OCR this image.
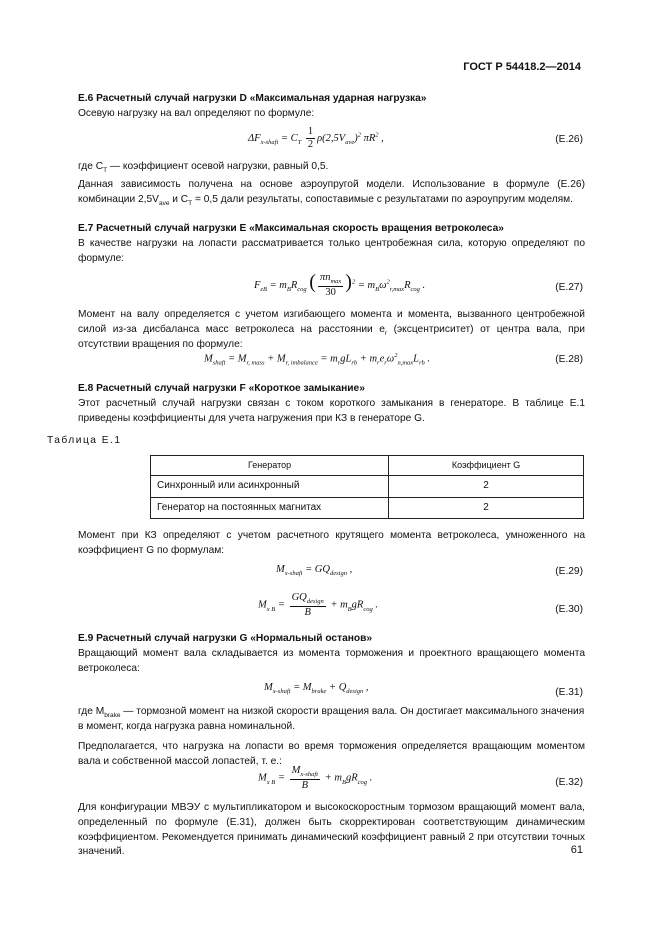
ГОСТ Р 54418.2—2014
Е.6 Расчетный случай нагрузки D «Максимальная ударная нагрузка»
Осевую нагрузку на вал определяют по формуле:
$\Delta F_{x-shaft} = C_T \frac{1}{2} \rho(2,5V_{ave})^2$ $\pi R^2$ ,	(Е.26)
где $C_T$ — коэффициент осевой нагрузки, равный 0,5.

Данная зависимость получена на основе аэроупругой модели. Использование в формуле (Е.26) комбинации $2,5V_{ave}$ и $C_T = 0,5$ дали результаты, сопоставимые с результатами по аэроупругим моделям.

Е.7 Расчетный случай нагрузки E «Максимальная скорость вращения ветроколеса»

В качестве нагрузки на лопасти рассматривается только центробежная сила, которую определяют по формуле:

$F_{zB} = m_BR_{cog}$ ( $\frac{\pi n_{max}}{30} )^2 = m_B\omega^2_{r,max}R_{cog}$ .	(Е.27)

Момент на валу определяется с учетом изгибающего момента и момента, вызванного центробежной силой из-за дисбаланса масс ветроколеса на расстоянии $e_r$ (эксцентриситет) от центра вала, при отсутствии вращения по формуле:

$M_{shaft} = M_{r, mass} + M_{r, imbalance} = m_rgL_{rb} + m_re_r\omega^2_{n,max}L_{rb}$ .	(Е.28)
Е.8 Расчетный случай нагрузки F «Короткое замыкание»

Этот расчетный случай нагрузки связан с током короткого замыкания в генераторе. В таблице Е.1 приведены коэффициенты для учета нагружения при КЗ в генераторе G.

Таблица Е.1
Генератор	Коэффициент G
Синхронный или асинхронный	2
Генератор на постоянных магнитах	2

Момент при КЗ определяют с учетом расчетного крутящего момента ветроколеса, умноженного на коэффициент G по формулам:

$M_{x-shaft} = GQ_{design}$ ,	(Е.29)
$M_{x B} = \frac{GQ_{design}}{B} + m_BgR_{cog}$ .	(Е.30)
Е.9 Расчетный случай нагрузки G «Нормальный останов»

Вращающий момент вала складывается из момента торможения и проектного вращающего момента ветроколеса:

$M_{x-shaft} = M_{brake} + Q_{design}$ ,	(Е.31)
где $M_{brake}$ — тормозной момент на низкой скорости вращения вала. Он достигает максимального значения в момент, когда нагрузка равна номинальной.

Предполагается, что нагрузка на лопасти во время торможения определяется вращающим моментом вала и собственной массой лопастей, т. е.:

$M_{x B} = \frac{M_{x-shaft}}{B} + m_BgR_{cog}$ .	(Е.32)

Для конфигурации МВЭУ с мультипликатором и высокоскоростным тормозом вращающий момент вала, определенный по формуле (Е.31), должен быть скорректирован соответствующим динамическим коэффициентом. Рекомендуется принимать динамический коэффициент равный 2 при отсутствии точных значений.	61
